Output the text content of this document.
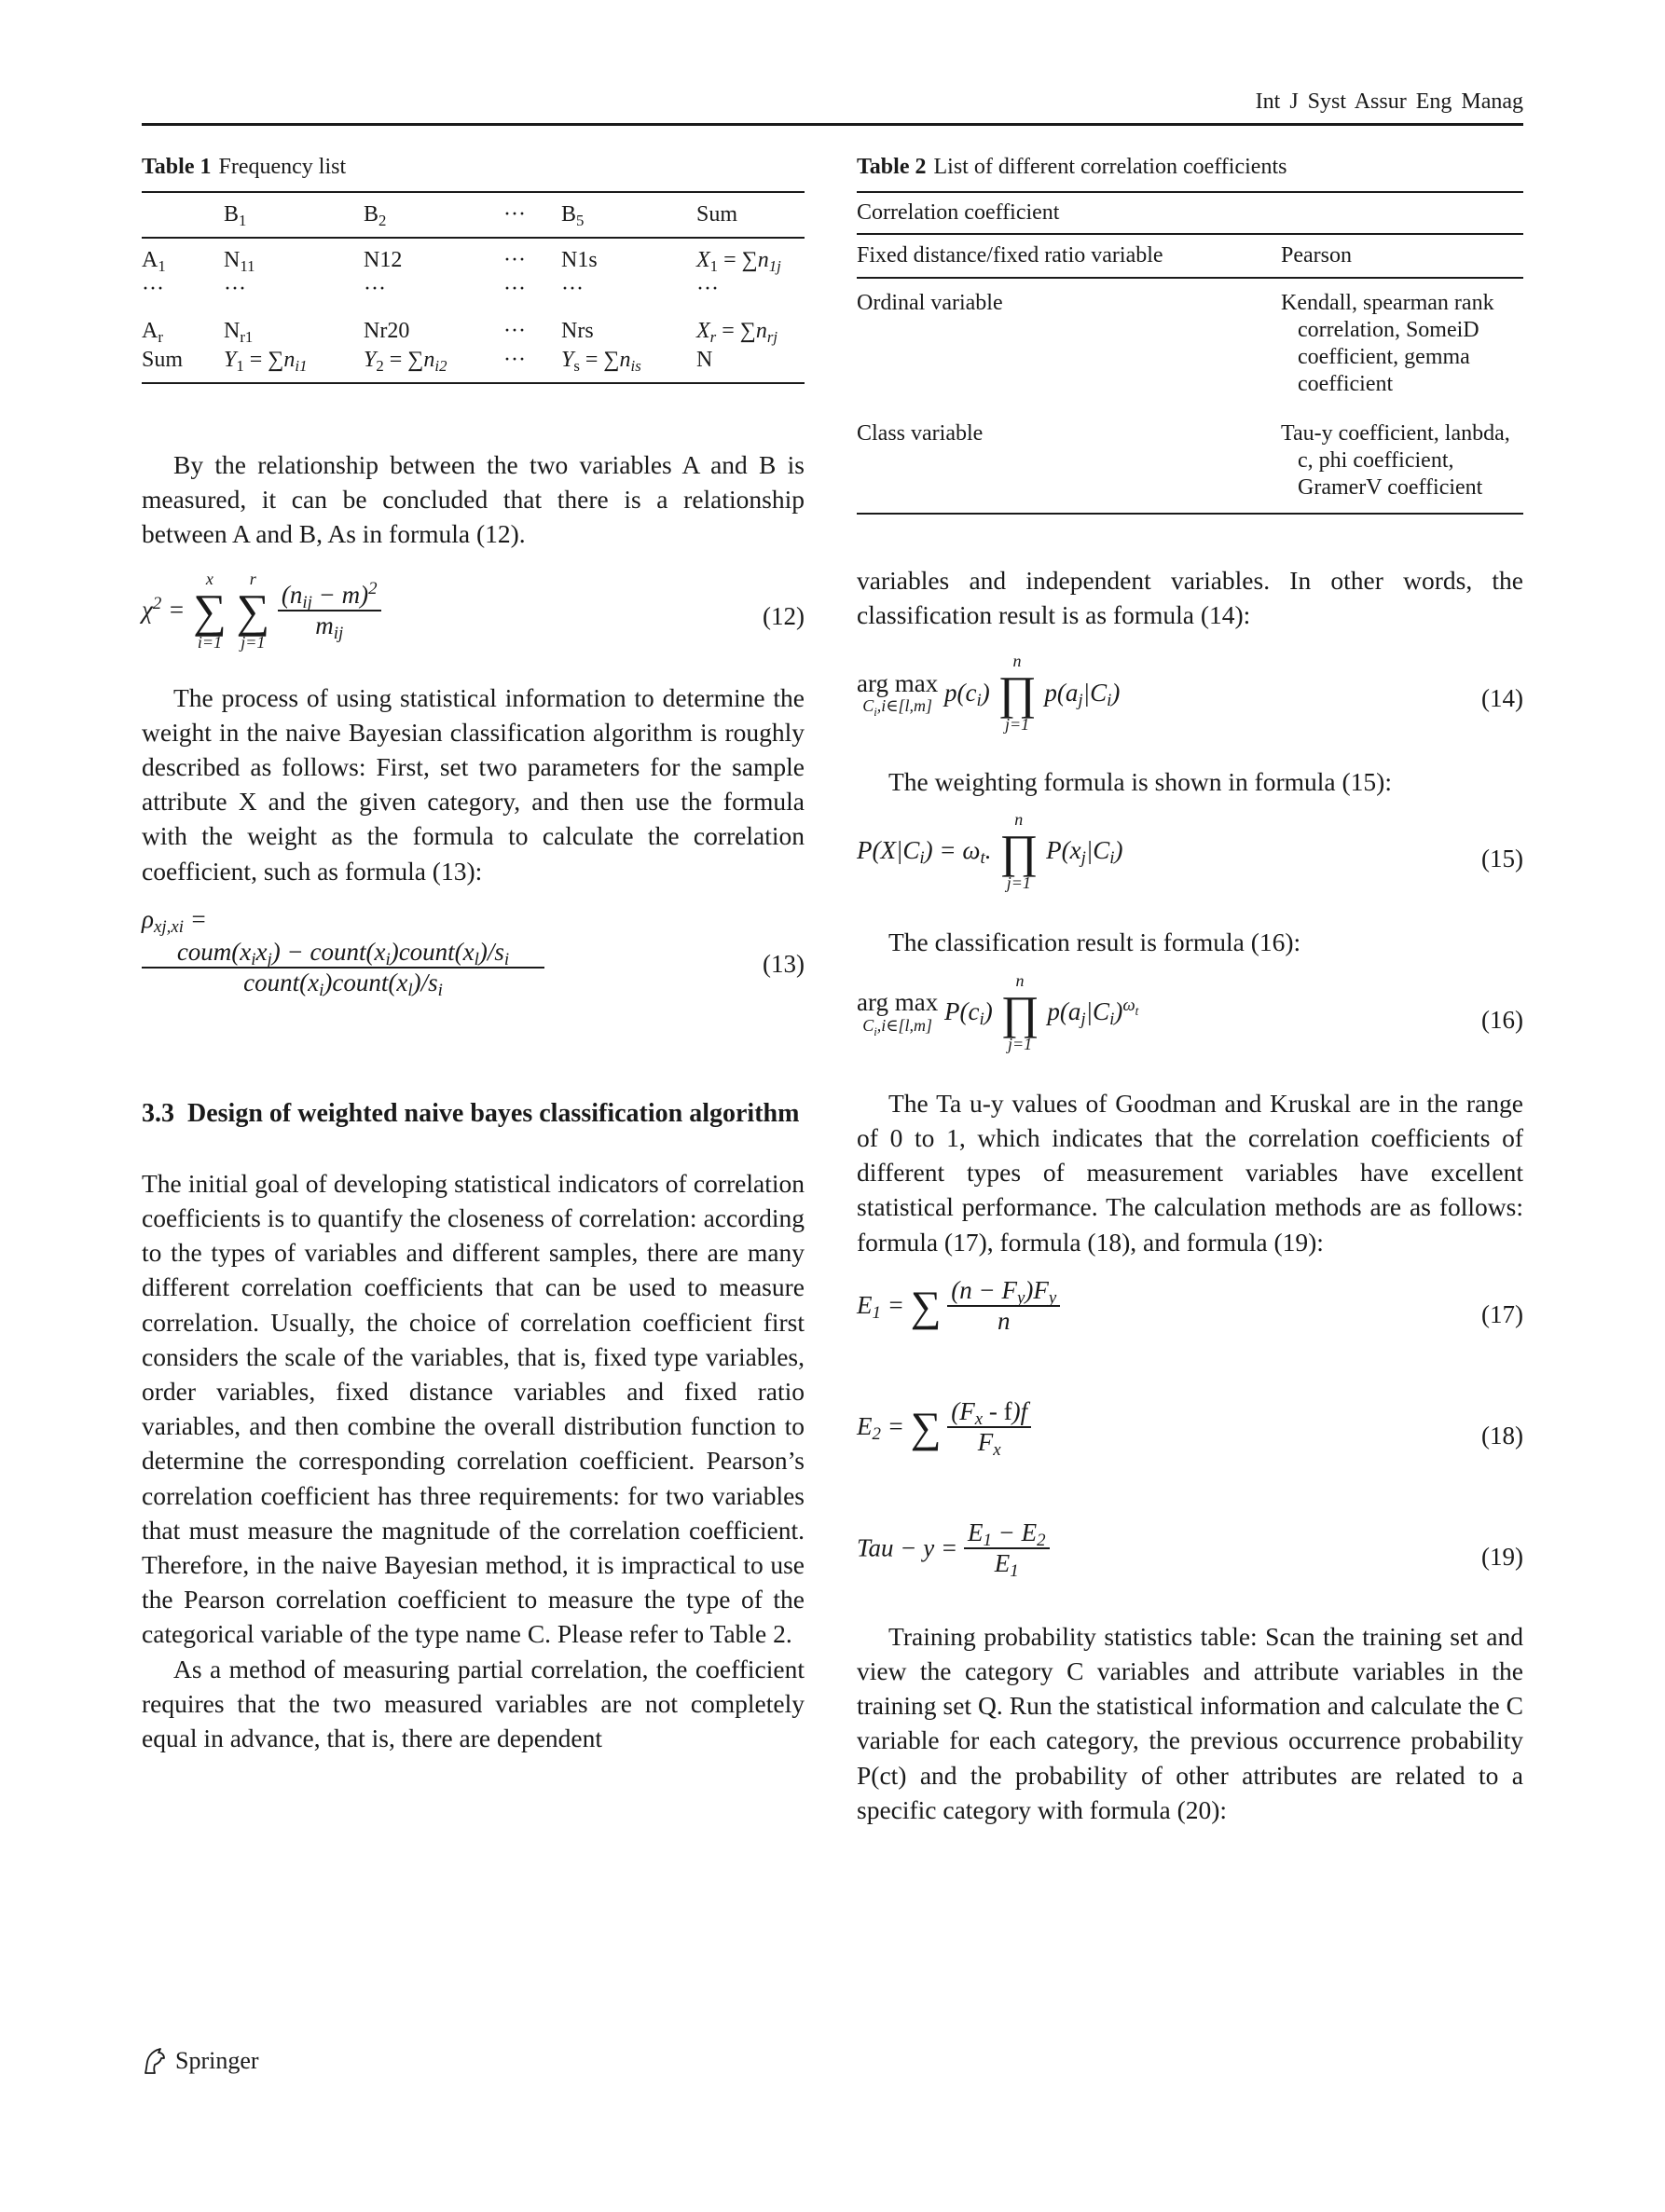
Int J Syst Assur Eng Manag
Table 1 Frequency list
	$B_1$	$B_2$	···	$B_5$	Sum
$A_1$	$N_{11}$	N12	···	N1s	$X_1 = \sum n_{1j}$
···	···	···	···	···	···
$A_r$	$N_{r1}$	Nr20	···	Nrs	$X_r = \sum n_{rj}$
Sum	$Y_1 = \sum n_{i1}$	$Y_2 = \sum n_{i2}$	···	$Y_s = \sum n_{is}$	N

By the relationship between the two variables A and B is measured, it can be concluded that there is a relationship between A and B, As in formula (12).

$\chi^2$ =
x
∑
i=1

r
∑
j=1

$\frac{(n_{ij} - m)^2}{m_{ij}}$	(12)

The process of using statistical information to determine the weight in the naive Bayesian classification algorithm is roughly described as follows: First, set two parameters for the sample attribute X and the given category, and then use the formula with the weight as the formula to calculate the correlation coefficient, such as formula (13):

$\rho_{xj,xi}$ =
$coum(x_ix_j)$ − $count(x_i)count(x_l)/s_i$
$count(x_i)count(x_l)/s_i$
(13)
3.3 Design of weighted naive bayes classification algorithm

The initial goal of developing statistical indicators of correlation coefficients is to quantify the closeness of correlation: according to the types of variables and different samples, there are many different correlation coefficients that can be used to measure correlation. Usually, the choice of correlation coefficient first considers the scale of the variables, that is, fixed type variables, order variables, fixed distance variables and fixed ratio variables, and then combine the overall distribution function to determine the corresponding correlation coefficient. Pearson’s correlation coefficient has three requirements: for two variables that must measure the magnitude of the correlation coefficient. Therefore, in the naive Bayesian method, it is impractical to use the Pearson correlation coefficient to measure the type of the categorical variable of the type name C. Please refer to Table 2.

As a method of measuring partial correlation, the coefficient requires that the two measured variables are not completely equal in advance, that is, there are dependent

Table 2 List of different correlation coefficients
Correlation coefficient	
Fixed distance/fixed ratio variable	Pearson
Ordinal variable	Kendall, spearman rank correlation, SomeiD coefficient, gemma coefficient
Class variable	Tau-y coefficient, lanbda, c, phi coefficient, GramerV coefficient

variables and independent variables. In other words, the classification result is as formula (14):

arg max
$C_i,i\in[l,m]$ $p(c_i)$
n
∏
j=1
$p(a_j|C_i)$	(14)

The weighting formula is shown in formula (15):

$P(X|C_i) = \omega_t$.
n
∏
j=1
$P(x_j|C_i)$	(15)

The classification result is formula (16):

arg max
$C_i,i\in[l,m]$ $P(c_i)$
n
∏
j=1
$p(a_j|C_i)^{\omega_t}$	(16)

The Ta u-y values of Goodman and Kruskal are in the range of 0 to 1, which indicates that the correlation coefficients of different types of measurement variables have excellent statistical performance. The calculation methods are as follows: formula (17), formula (18), and formula (19):

$E_1$ = ∑ $\frac{(n - F_y)F_y}{n}$	(17)
$E_2$ = ∑ $\frac{(F_x - f)f}{F_x}$	(18)
Tau − $y = \frac{E_1 - E_2}{E_1}$	(19)

Training probability statistics table: Scan the training set and view the category C variables and attribute variables in the training set Q. Run the statistical information and calculate the C variable for each category, the previous occurrence probability P(ct) and the probability of other attributes are related to a specific category with formula (20):

Springer
